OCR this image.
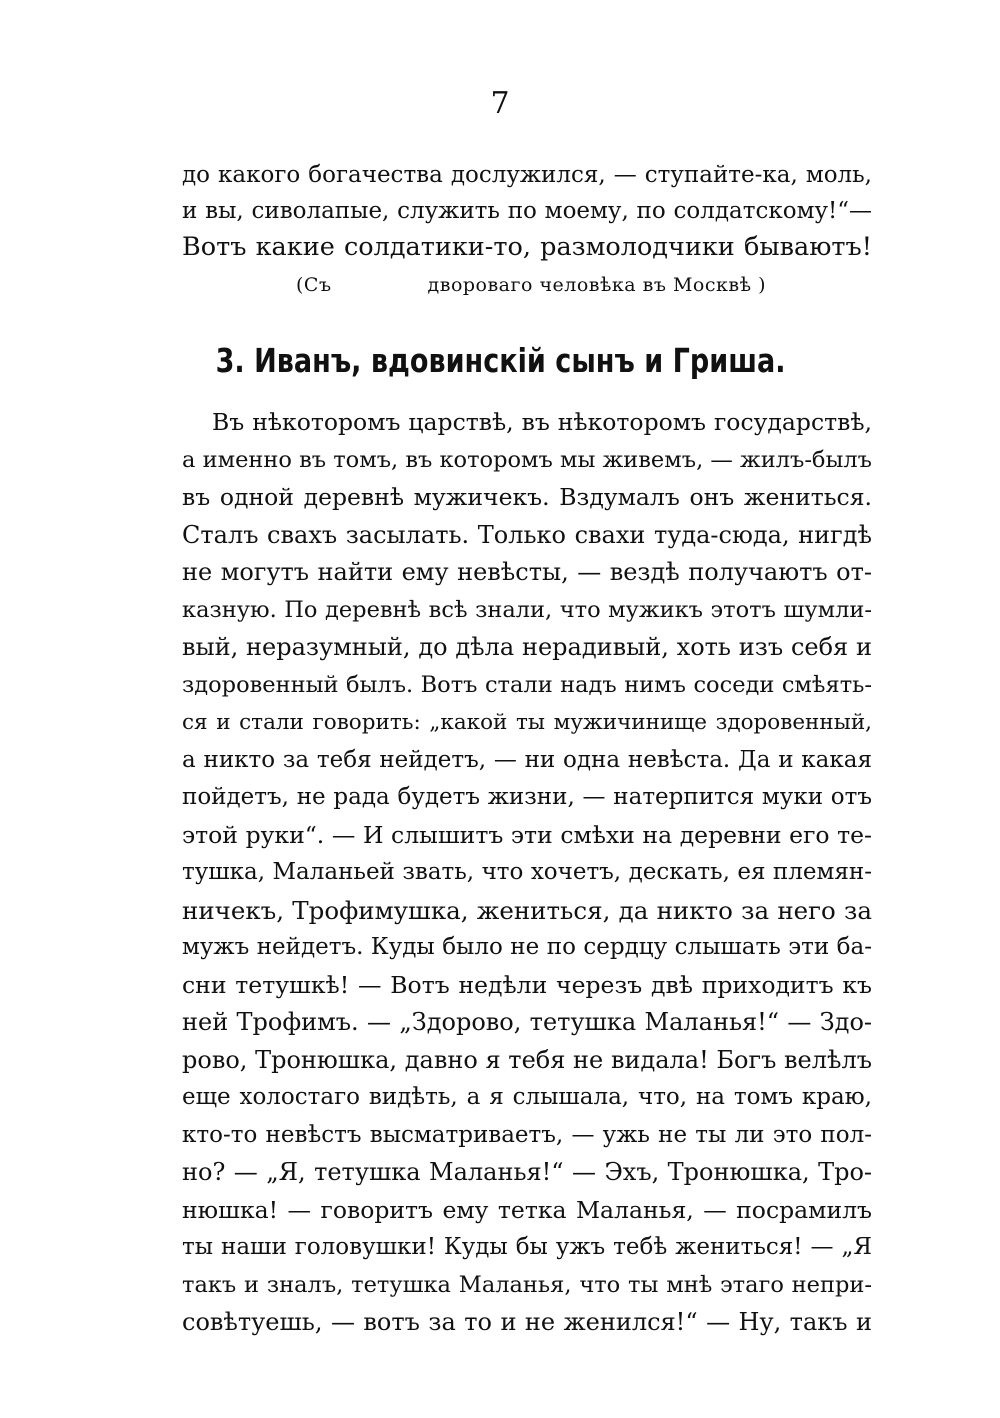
7
до какого богачества дослужился, — ступайте-ка, моль,
и вы, сиволапые, служить по моему, по солдатскому!“—
Вотъ какие солдатики-то, размолодчики бываютъ!
(Съ	двороваго человѣка въ Москвѣ )
3. Иванъ, вдовинскій сынъ и Гриша.
Въ нѣкоторомъ царствѣ, въ нѣкоторомъ государствѣ,
а именно въ томъ, въ которомъ мы живемъ, — жилъ-былъ
въ одной деревнѣ мужичекъ. Вздумалъ онъ жениться.
Сталъ свахъ засылать. Только свахи туда-сюда, нигдѣ
не могутъ найти ему невѣсты, — вездѣ получаютъ от-
казную. По деревнѣ всѣ знали, что мужикъ этотъ шумли-
вый, неразумный, до дѣла нерадивый, хоть изъ себя и
здоровенный былъ. Вотъ стали надъ нимъ соседи смѣять-
ся и стали говорить: „какой ты мужичинище здоровенный,
а никто за тебя нейдетъ, — ни одна невѣста. Да и какая
пойдетъ, не рада будетъ жизни, — натерпится муки отъ
этой руки“. — И слышитъ эти смѣхи на деревни его те-
тушка, Маланьей звать, что хочетъ, дескать, ея племян-
ничекъ, Трофимушка, жениться, да никто за него за
мужъ нейдетъ. Куды было не по сердцу слышать эти ба-
сни тетушкѣ! — Вотъ недѣли черезъ двѣ приходитъ къ
ней Трофимъ. — „Здорово, тетушка Маланья!“ — Здо-
рово, Тронюшка, давно я тебя не видала! Богъ велѣлъ
еще холостаго видѣть, а я слышала, что, на томъ краю,
кто-то невѣстъ высматриваетъ, — ужь не ты ли это пол-
но? — „Я, тетушка Маланья!“ — Эхъ, Тронюшка, Тро-
нюшка! — говоритъ ему тетка Маланья, — посрамилъ
ты наши головушки! Куды бы ужъ тебѣ жениться! — „Я
такъ и зналъ, тетушка Маланья, что ты мнѣ этаго непри-
совѣтуешь, — вотъ за то и не женился!“ — Ну, такъ и
